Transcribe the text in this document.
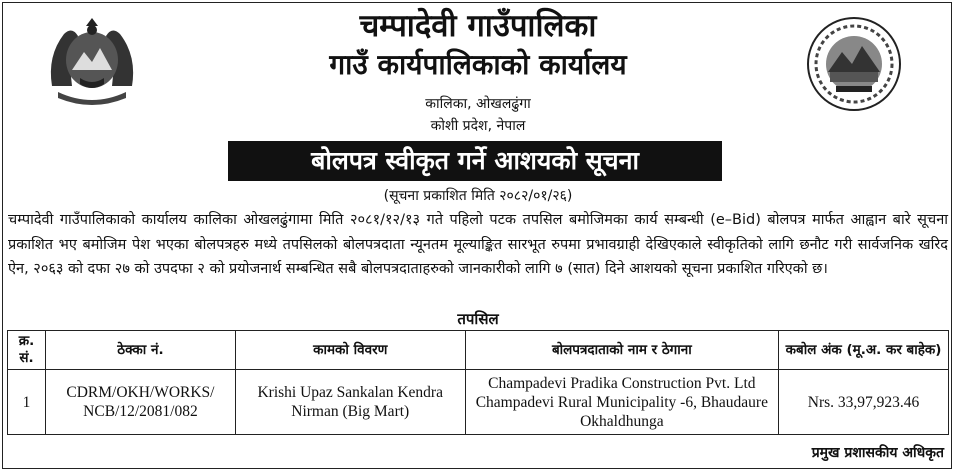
चम्पादेवी गाउँपालिका
गाउँ कार्यपालिकाको कार्यालय
कालिका, ओखलढुंगा
कोशी प्रदेश, नेपाल
बोलपत्र स्वीकृत गर्ने आशयको सूचना
(सूचना प्रकाशित मिति २०८२/०१/२६)
चम्पादेवी गाउँपालिकाको कार्यालय कालिका ओखलढुंगामा मिति २०८१/१२/१३ गते पहिलो पटक तपसिल बमोजिमका कार्य सम्बन्धी (e–Bid) बोलपत्र मार्फत आह्वान बारे सूचना प्रकाशित भए बमोजिम पेश भएका बोलपत्रहरु मध्ये तपसिलको बोलपत्रदाता न्यूनतम मूल्याङ्कित सारभूत रुपमा प्रभावग्राही देखिएकाले स्वीकृतिको लागि छनौट गरी सार्वजनिक खरिद ऐन, २०६३ को दफा २७ को उपदफा २ को प्रयोजनार्थ सम्बन्धित सबै बोलपत्रदाताहरुको जानकारीको लागि ७ (सात) दिने आशयको सूचना प्रकाशित गरिएको छ।
तपसिल
क्र. सं.	ठेक्का नं.	कामको विवरण	बोलपत्रदाताको नाम र ठेगाना	कबोल अंक (मू.अ. कर बाहेक)
1	CDRM/OKH/WORKS/ NCB/12/2081/082	Krishi Upaz Sankalan Kendra Nirman (Big Mart)	Champadevi Pradika Construction Pvt. Ltd Champadevi Rural Municipality -6, Bhaudaure Okhaldhunga	Nrs. 33,97,923.46
प्रमुख प्रशासकीय अधिकृत
